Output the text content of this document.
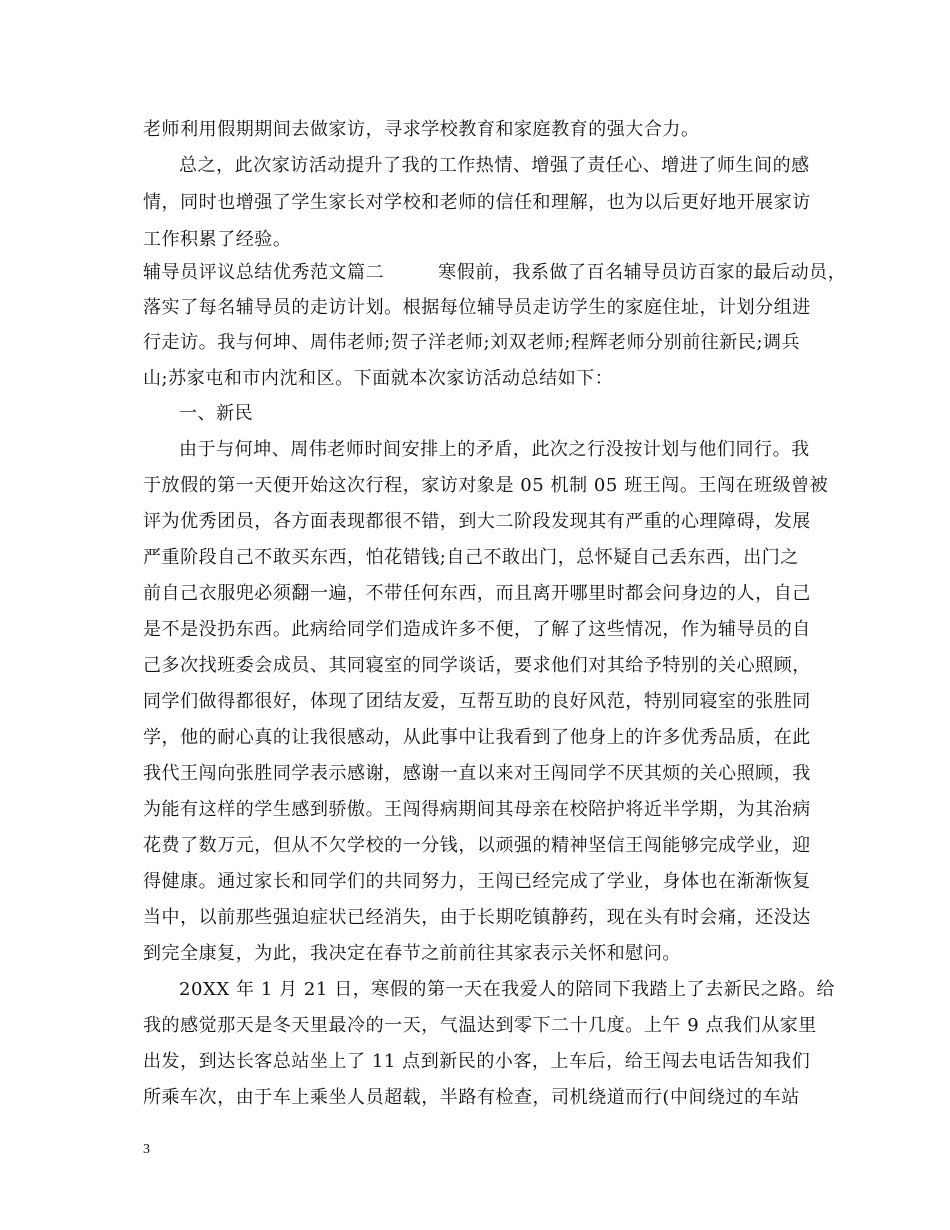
老师利用假期期间去做家访，寻求学校教育和家庭教育的强大合力。
总之，此次家访活动提升了我的工作热情、增强了责任心、增进了师生间的感
情，同时也增强了学生家长对学校和老师的信任和理解，也为以后更好地开展家访
工作积累了经验。
辅导员评议总结优秀范文篇二	寒假前，我系做了百名辅导员访百家的最后动员，
落实了每名辅导员的走访计划。根据每位辅导员走访学生的家庭住址，计划分组进
行走访。我与何坤、周伟老师;贺子洋老师;刘双老师;程辉老师分别前往新民;调兵
山;苏家屯和市内沈和区。下面就本次家访活动总结如下：
一、新民
由于与何坤、周伟老师时间安排上的矛盾，此次之行没按计划与他们同行。我
于放假的第一天便开始这次行程，家访对象是 05 机制 05 班王闯。王闯在班级曾被
评为优秀团员，各方面表现都很不错，到大二阶段发现其有严重的心理障碍，发展
严重阶段自己不敢买东西，怕花错钱;自己不敢出门，总怀疑自己丢东西，出门之
前自己衣服兜必须翻一遍，不带任何东西，而且离开哪里时都会问身边的人，自己
是不是没扔东西。此病给同学们造成许多不便，了解了这些情况，作为辅导员的自
己多次找班委会成员、其同寝室的同学谈话，要求他们对其给予特别的关心照顾，
同学们做得都很好，体现了团结友爱，互帮互助的良好风范，特别同寝室的张胜同
学，他的耐心真的让我很感动，从此事中让我看到了他身上的许多优秀品质，在此
我代王闯向张胜同学表示感谢，感谢一直以来对王闯同学不厌其烦的关心照顾，我
为能有这样的学生感到骄傲。王闯得病期间其母亲在校陪护将近半学期，为其治病
花费了数万元，但从不欠学校的一分钱，以顽强的精神坚信王闯能够完成学业，迎
得健康。通过家长和同学们的共同努力，王闯已经完成了学业，身体也在渐渐恢复
当中，以前那些强迫症状已经消失，由于长期吃镇静药，现在头有时会痛，还没达
到完全康复，为此，我决定在春节之前前往其家表示关怀和慰问。
20XX 年 1 月 21 日，寒假的第一天在我爱人的陪同下我踏上了去新民之路。给
我的感觉那天是冬天里最冷的一天，气温达到零下二十几度。上午 9 点我们从家里
出发，到达长客总站坐上了 11 点到新民的小客，上车后，给王闯去电话告知我们
所乘车次，由于车上乘坐人员超载，半路有检查，司机绕道而行(中间绕过的车站
3
